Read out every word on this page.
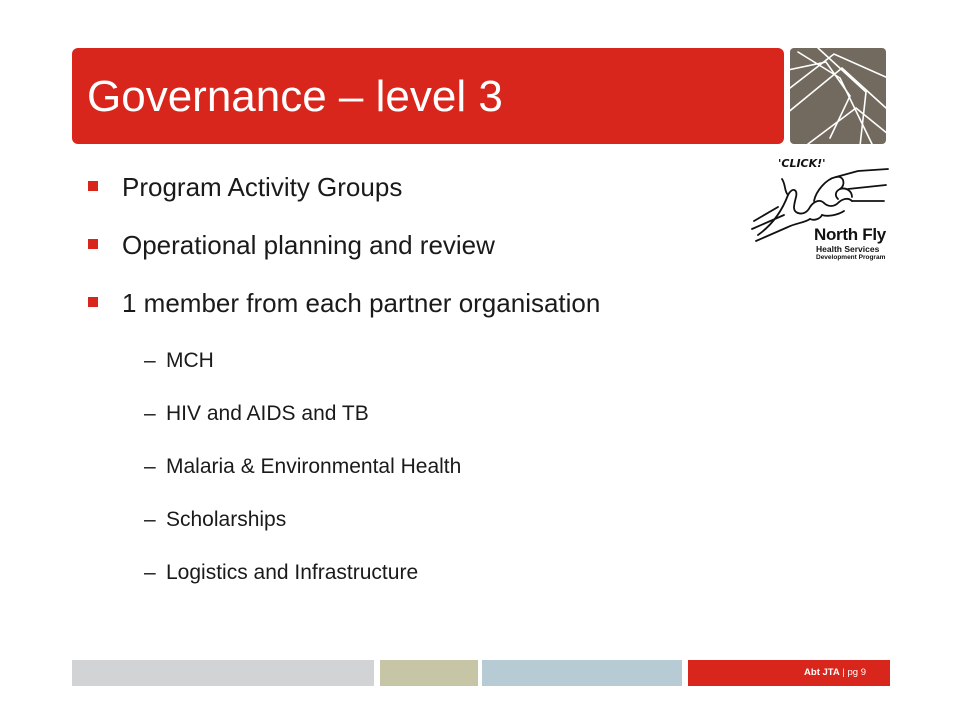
Governance – level 3
Program Activity Groups
Operational planning and review
1 member from each partner organisation
– MCH
– HIV and AIDS and TB
– Malaria & Environmental Health
– Scholarships
– Logistics and Infrastructure
'CLICK!'
North Fly
Health Services
Development Program
Abt JTA | pg 9
